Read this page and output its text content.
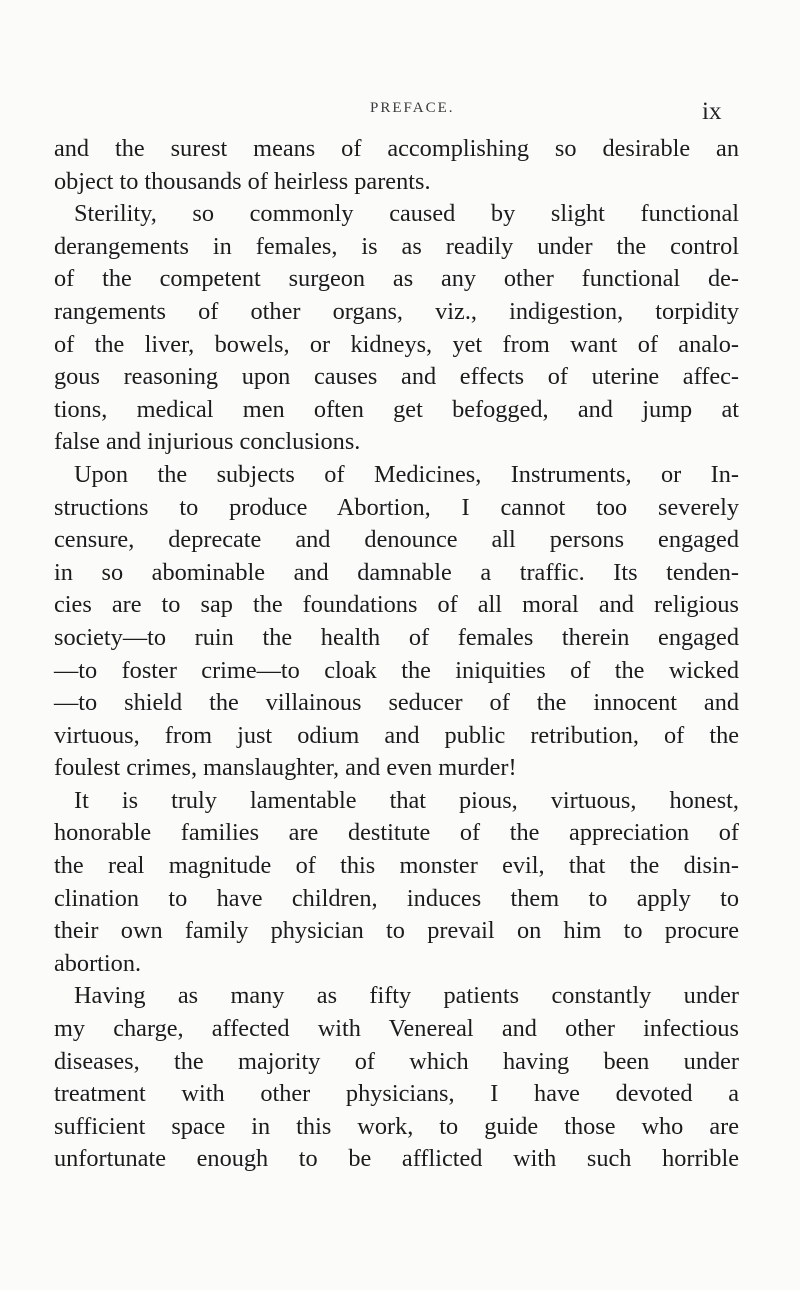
PREFACE.	ix
and the surest means of accomplishing so desirable an
object to thousands of heirless parents.
Sterility, so commonly caused by slight functional
derangements in females, is as readily under the control
of the competent surgeon as any other functional de-
rangements of other organs, viz., indigestion, torpidity
of the liver, bowels, or kidneys, yet from want of analo-
gous reasoning upon causes and effects of uterine affec-
tions, medical men often get befogged, and jump at
false and injurious conclusions.
Upon the subjects of Medicines, Instruments, or In-
structions to produce Abortion, I cannot too severely
censure, deprecate and denounce all persons engaged
in so abominable and damnable a traffic. Its tenden-
cies are to sap the foundations of all moral and religious
society—to ruin the health of females therein engaged
—to foster crime—to cloak the iniquities of the wicked
—to shield the villainous seducer of the innocent and
virtuous, from just odium and public retribution, of the
foulest crimes, manslaughter, and even murder!
It is truly lamentable that pious, virtuous, honest,
honorable families are destitute of the appreciation of
the real magnitude of this monster evil, that the disin-
clination to have children, induces them to apply to
their own family physician to prevail on him to procure
abortion.
Having as many as fifty patients constantly under
my charge, affected with Venereal and other infectious
diseases, the majority of which having been under
treatment with other physicians, I have devoted a
sufficient space in this work, to guide those who are
unfortunate enough to be afflicted with such horrible
